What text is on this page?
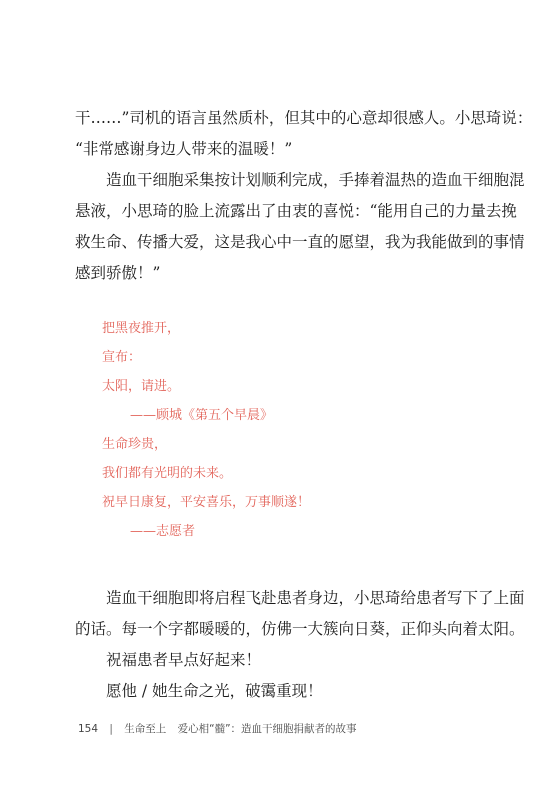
干……”司机的语言虽然质朴，但其中的心意却很感人。小思琦说：
“非常感谢身边人带来的温暖！”
造血干细胞采集按计划顺利完成，手捧着温热的造血干细胞混
悬液，小思琦的脸上流露出了由衷的喜悦：“能用自己的力量去挽
救生命、传播大爱，这是我心中一直的愿望，我为我能做到的事情
感到骄傲！”
把黑夜推开，
宣布：
太阳，请进。
——顾城《第五个早晨》
生命珍贵，
我们都有光明的未来。
祝早日康复，平安喜乐，万事顺遂！
——志愿者
造血干细胞即将启程飞赴患者身边，小思琦给患者写下了上面
的话。每一个字都暖暖的，仿佛一大簇向日葵，正仰头向着太阳。
祝福患者早点好起来！
愿他 / 她生命之光，破霭重现！
154 | 生命至上 爱心相“髓”：造血干细胞捐献者的故事
